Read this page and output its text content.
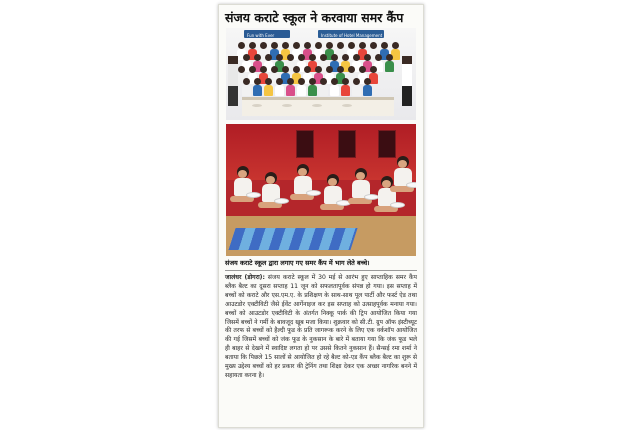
संजय कराटे स्कूल ने करवाया समर कैंप
Fun with Ever	Institute of Hotel Management
संजय कराटे स्कूल द्वारा लगाए गए समर कैंप में भाग लेते बच्चे।
जालंधर (डोगरा): संजय कराटे स्कूल में 30 मई से आरंभ हुए साप्ताहिक समर कैंप ब्लैक बैल्ट का दूसरा सप्ताह 11 जून को सफलतापूर्वक संपन्न हो गया। इस सप्ताह में बच्चों को कराटे और एस.एम.ए. के प्रशिक्षण के साथ-साथ पूल पार्टी और फर्स्ट ऐड तथा आउटडोर एक्टीविटी जैसे ईवेंट आर्गेनाइज कर इस सप्ताह को उत्साहपूर्वक मनाया गया। बच्चों को आउटडोर एक्टीविटी के अंतर्गत निक्कू पार्क की ट्रिप आयोजित किया गया जिसमें बच्चों ने गर्मी के बावजूद खूब मजा किया। शुक्रवार को सी.टी. ग्रुप ऑफ इंस्टीच्यूट की तरफ से बच्चों को हैल्दी फूड के प्रति जागरूक करने के लिए एक वर्कशॉप आयोजित की गई जिसमें बच्चों को जंक फूड के नुकसान के बारे में बताया गया कि जंक फूड भले ही बाहर से देखने में स्वादिष्ट लगता हो पर उससे कितने नुकसान हैं। सैन्सई रमा शर्मा ने बताया कि पिछले 15 सालों से आयोजित हो रहे बैल्ट को-एड कैंप ब्लैक बैल्ट का शुरू से मुख्य उद्देश्य बच्चों को हर प्रकार की ट्रेनिंग तथा शिक्षा देकर एक अच्छा नागरिक बनने में सहायता करना है।
